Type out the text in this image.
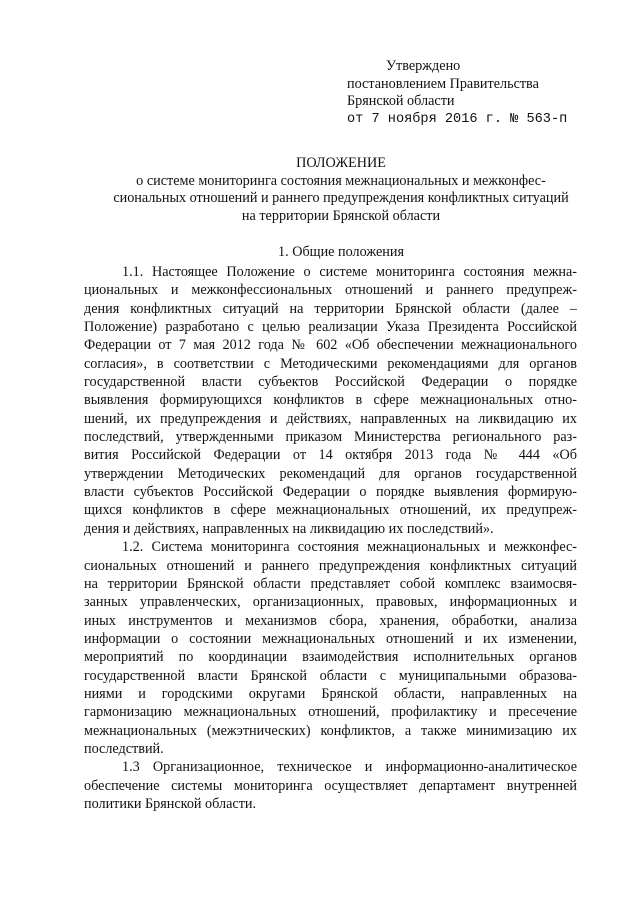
Утверждено
постановлением Правительства
Брянской области
от 7 ноября 2016 г. № 563-п
ПОЛОЖЕНИЕ
о системе мониторинга состояния межнациональных и межконфес-
сиональных отношений и раннего предупреждения конфликтных ситуаций
на территории Брянской области
1. Общие положения
1.1. Настоящее Положение о системе мониторинга состояния межна-
циональных и межконфессиональных отношений и раннего предупреж-
дения конфликтных ситуаций на территории Брянской области (далее –
Положение) разработано с целью реализации Указа Президента Российской
Федерации от 7 мая 2012 года № 602 «Об обеспечении межнационального
согласия», в соответствии с Методическими рекомендациями для органов
государственной власти субъектов Российской Федерации о порядке
выявления формирующихся конфликтов в сфере межнациональных отно-
шений, их предупреждения и действиях, направленных на ликвидацию их
последствий, утвержденными приказом Министерства регионального раз-
вития Российской Федерации от 14 октября 2013 года № 444 «Об
утверждении Методических рекомендаций для органов государственной
власти субъектов Российской Федерации о порядке выявления формирую-
щихся конфликтов в сфере межнациональных отношений, их предупреж-
дения и действиях, направленных на ликвидацию их последствий».
1.2. Система мониторинга состояния межнациональных и межконфес-
сиональных отношений и раннего предупреждения конфликтных ситуаций
на территории Брянской области представляет собой комплекс взаимосвя-
занных управленческих, организационных, правовых, информационных и
иных инструментов и механизмов сбора, хранения, обработки, анализа
информации о состоянии межнациональных отношений и их изменении,
мероприятий по координации взаимодействия исполнительных органов
государственной власти Брянской области с муниципальными образова-
ниями и городскими округами Брянской области, направленных на
гармонизацию межнациональных отношений, профилактику и пресечение
межнациональных (межэтнических) конфликтов, а также минимизацию их
последствий.
1.3 Организационное, техническое и информационно-аналитическое
обеспечение системы мониторинга осуществляет департамент внутренней
политики Брянской области.
